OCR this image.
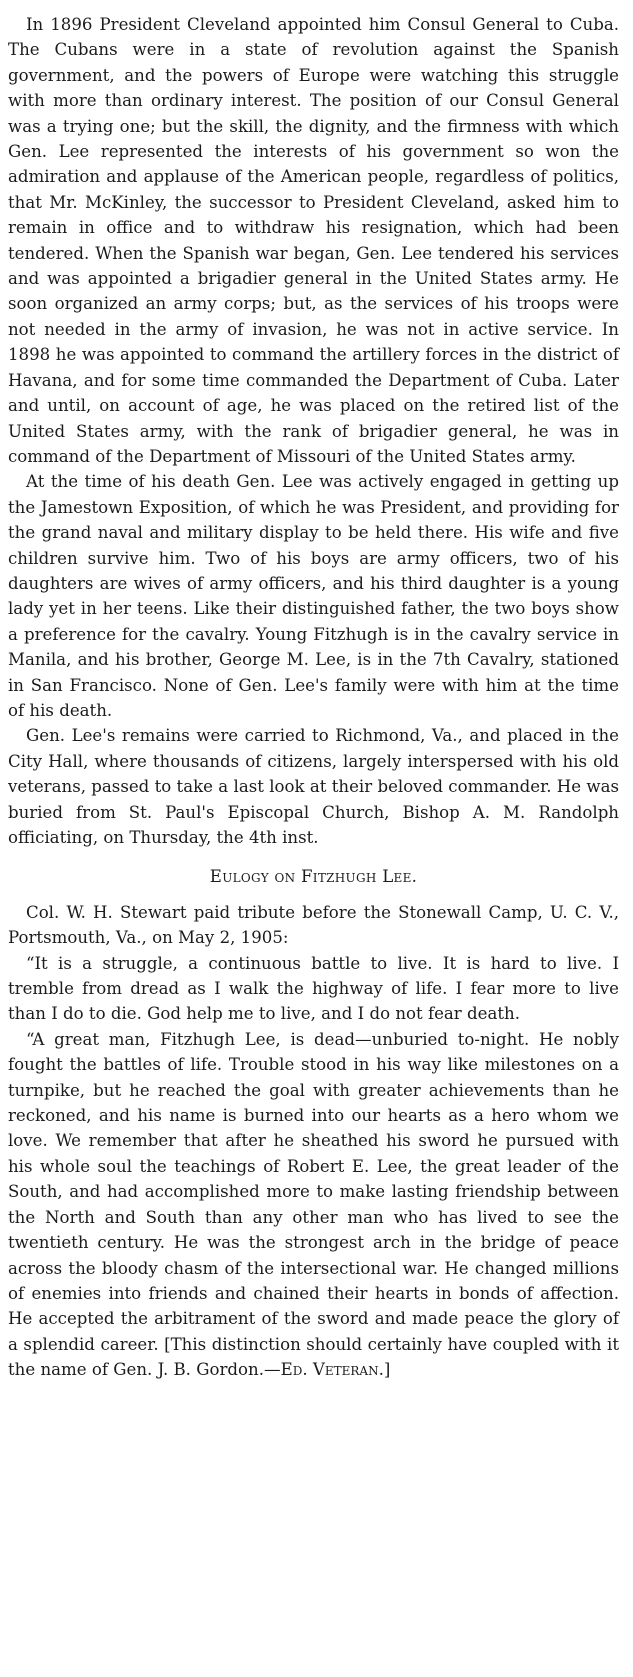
In 1896 President Cleveland appointed him Consul General to Cuba. The Cubans were in a state of revolution against the Spanish government, and the powers of Europe were watching this struggle with more than ordinary interest. The position of our Consul General was a trying one; but the skill, the dignity, and the firmness with which Gen. Lee represented the interests of his government so won the admiration and applause of the American people, regardless of politics, that Mr. McKinley, the successor to President Cleveland, asked him to remain in office and to withdraw his resignation, which had been tendered. When the Spanish war began, Gen. Lee tendered his services and was appointed a brigadier general in the United States army. He soon organized an army corps; but, as the services of his troops were not needed in the army of invasion, he was not in active service. In 1898 he was appointed to command the artillery forces in the district of Havana, and for some time commanded the Department of Cuba. Later and until, on account of age, he was placed on the retired list of the United States army, with the rank of brigadier general, he was in command of the Department of Missouri of the United States army.

At the time of his death Gen. Lee was actively engaged in getting up the Jamestown Exposition, of which he was President, and providing for the grand naval and military display to be held there. His wife and five children survive him. Two of his boys are army officers, two of his daughters are wives of army officers, and his third daughter is a young lady yet in her teens. Like their distinguished father, the two boys show a preference for the cavalry. Young Fitzhugh is in the cavalry service in Manila, and his brother, George M. Lee, is in the 7th Cavalry, stationed in San Francisco. None of Gen. Lee's family were with him at the time of his death.

Gen. Lee's remains were carried to Richmond, Va., and placed in the City Hall, where thousands of citizens, largely interspersed with his old veterans, passed to take a last look at their beloved commander. He was buried from St. Paul's Episcopal Church, Bishop A. M. Randolph officiating, on Thursday, the 4th inst.

Eulogy on Fitzhugh Lee.

Col. W. H. Stewart paid tribute before the Stonewall Camp, U. C. V., Portsmouth, Va., on May 2, 1905:

“It is a struggle, a continuous battle to live. It is hard to live. I tremble from dread as I walk the highway of life. I fear more to live than I do to die. God help me to live, and I do not fear death.

“A great man, Fitzhugh Lee, is dead—unburied to-night. He nobly fought the battles of life. Trouble stood in his way like milestones on a turnpike, but he reached the goal with greater achievements than he reckoned, and his name is burned into our hearts as a hero whom we love. We remember that after he sheathed his sword he pursued with his whole soul the teachings of Robert E. Lee, the great leader of the South, and had accomplished more to make lasting friendship between the North and South than any other man who has lived to see the twentieth century. He was the strongest arch in the bridge of peace across the bloody chasm of the intersectional war. He changed millions of enemies into friends and chained their hearts in bonds of affection. He accepted the arbitrament of the sword and made peace the glory of a splendid career. [This distinction should certainly have coupled with it the name of Gen. J. B. Gordon.—Ed. Veteran.]
